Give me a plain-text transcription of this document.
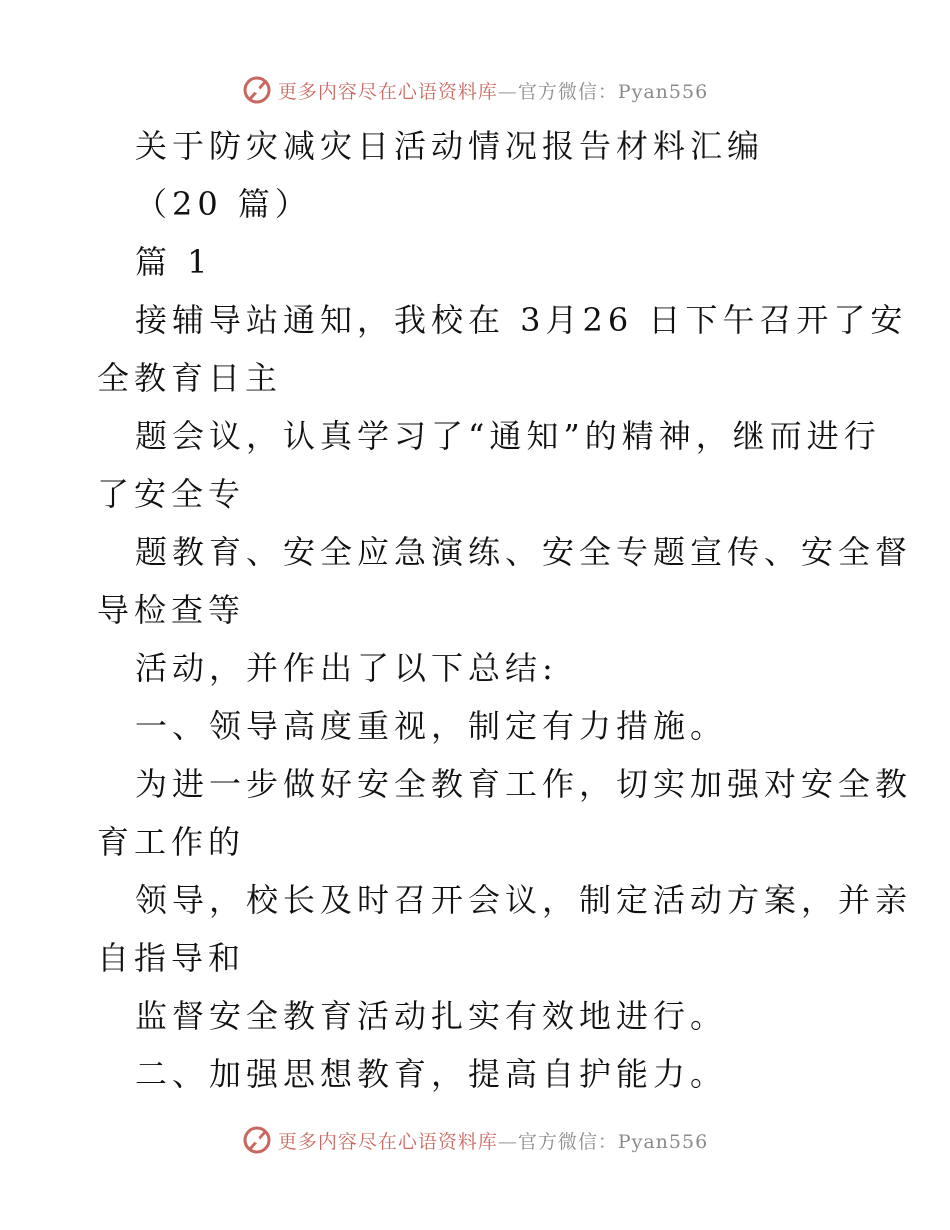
更多内容尽在心语资料库—官方微信：Pyan556
关于防灾减灾日活动情况报告材料汇编
（20 篇）
篇 1
接辅导站通知，我校在 3月26 日下午召开了安
全教育日主
题会议，认真学习了“通知”的精神，继而进行
了安全专
题教育、安全应急演练、安全专题宣传、安全督
导检查等
活动，并作出了以下总结:
一、领导高度重视，制定有力措施。
为进一步做好安全教育工作，切实加强对安全教
育工作的
领导，校长及时召开会议，制定活动方案，并亲
自指导和
监督安全教育活动扎实有效地进行。
二、加强思想教育，提高自护能力。
更多内容尽在心语资料库—官方微信：Pyan556
